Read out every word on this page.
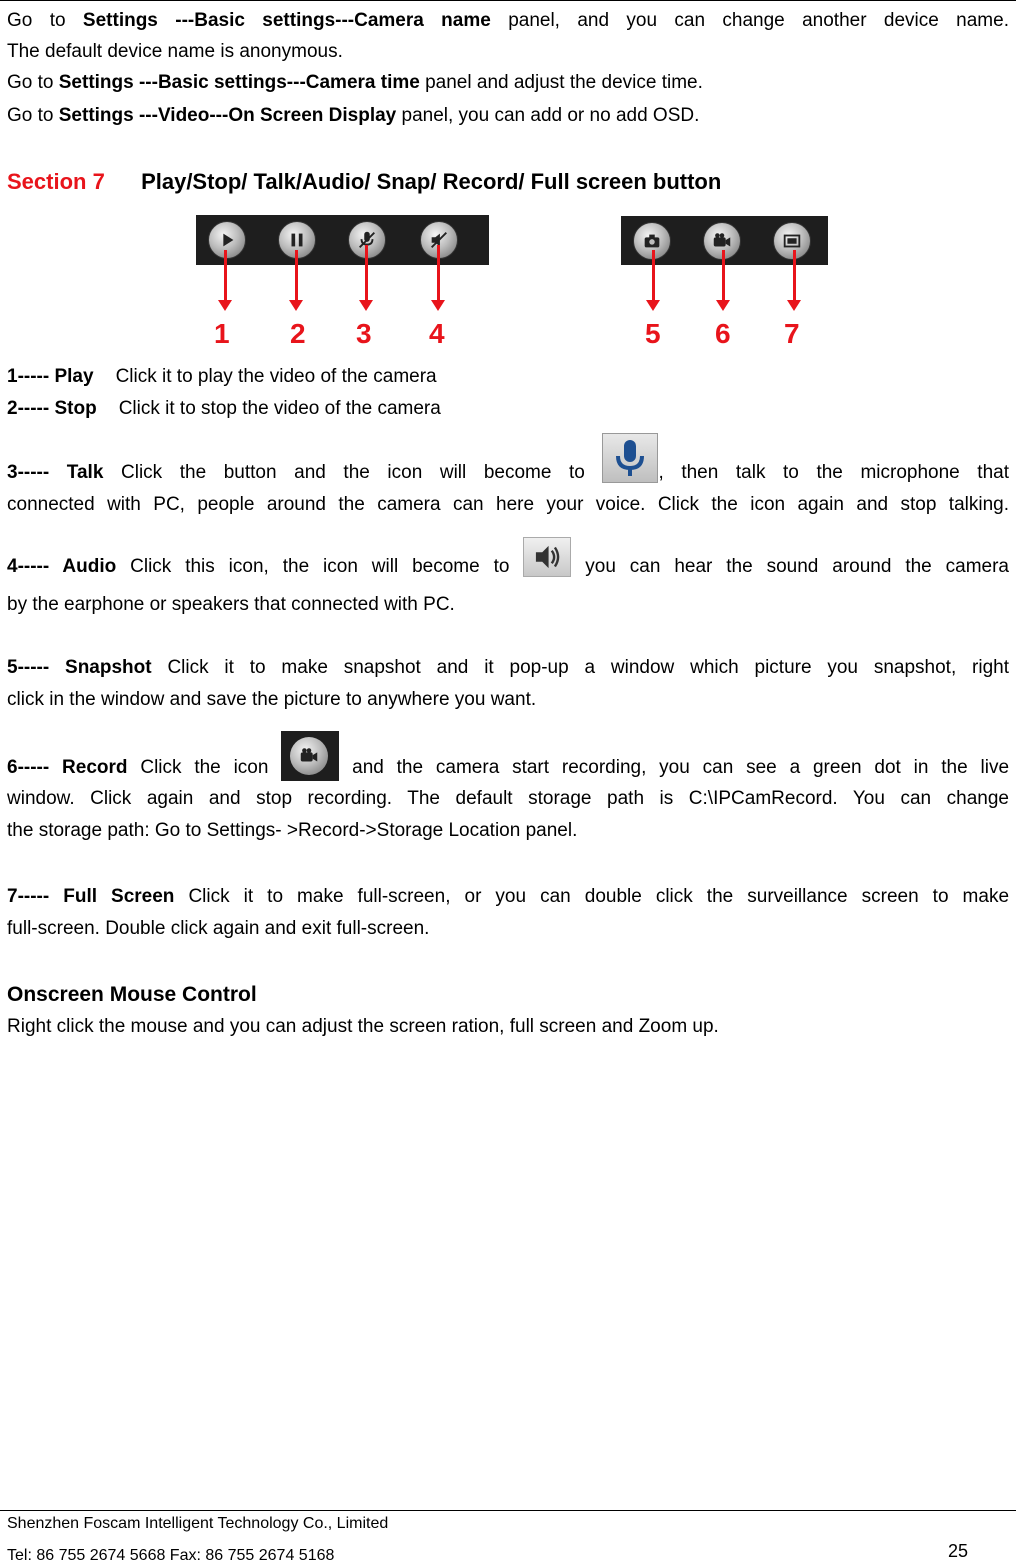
Go to Settings ---Basic settings---Camera name panel, and you can change another device name.
The default device name is anonymous.
Go to Settings ---Basic settings---Camera time panel and adjust the device time.
Go to Settings ---Video---On Screen Display panel, you can add or no add OSD.
Section 7 Play/Stop/ Talk/Audio/ Snap/ Record/ Full screen button
1 2 3 4	5 6 7
1----- Play Click it to play the video of the camera
2----- Stop Click it to stop the video of the camera
3----- Talk Click the button and the icon will become to	, then talk to the microphone that
connected with PC, people around the camera can here your voice. Click the icon again and stop talking.
4----- Audio Click this icon, the icon will become to	you can hear the sound around the camera
by the earphone or speakers that connected with PC.
5----- Snapshot Click it to make snapshot and it pop-up a window which picture you snapshot, right
click in the window and save the picture to anywhere you want.
6----- Record Click the icon	and the camera start recording, you can see a green dot in the live
window. Click again and stop recording. The default storage path is C:\IPCamRecord. You can change
the storage path: Go to Settings- >Record->Storage Location panel.
7----- Full Screen Click it to make full-screen, or you can double click the surveillance screen to make
full-screen. Double click again and exit full-screen.
Onscreen Mouse Control
Right click the mouse and you can adjust the screen ration, full screen and Zoom up.
Shenzhen Foscam Intelligent Technology Co., Limited
Tel: 86 755 2674 5668 Fax: 86 755 2674 5168	25
